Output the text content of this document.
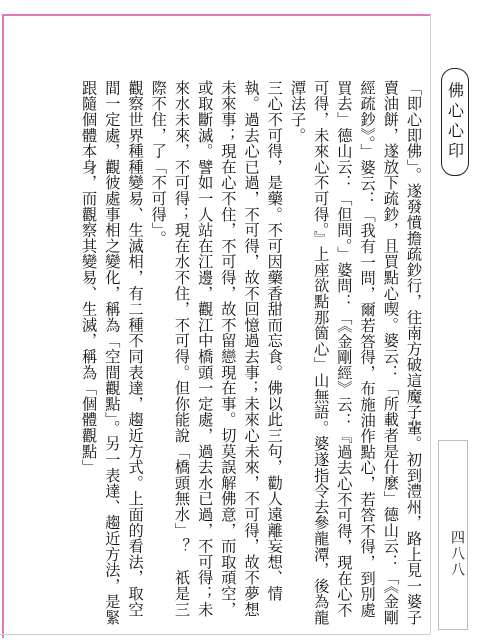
佛心心印
四八八

「即心即佛」。遂發憤擔疏鈔行，往南方破這魔子輩。初到澧州，路上見一婆子賣油餅，遂放下疏鈔，且買點心喫。婆云：「所載者是什麼」德山云：「《金剛經疏鈔》。」婆云：「我有一問，爾若答得，布施油作點心，若答不得，到別處買去」德山云：「但問。」婆問：「《金剛經》云：『過去心不可得，現在心不可得，未來心不可得。』上座欲點那箇心」山無語。婆遂指令去參龍潭，後為龍潭法子。

三心不可得，是藥。不可因藥香甜而忘食。佛以此三句，勸人遠離妄想、情執。過去心已過，不可得，故不回憶過去事；未來心未來，不可得，故不夢想未來事；現在心不住，不可得，故不留戀現在事。切莫誤解佛意，而取頑空，或取斷滅。譬如一人站在江邊，觀江中橋頭一定處，過去水已過，不可得；未來水未來，不可得；現在水不住，不可得。但你能說「橋頭無水」？　祇是三際不住，了「不可得」。

觀察世界種種變易、生滅相，有二種不同表達，趨近方式。上面的看法，取空間一定處，觀彼處事相之變化，稱為「空間觀點」。另一表達、趨近方法，是緊跟隨個體本身，而觀察其變易、生滅，稱為「個體觀點」
